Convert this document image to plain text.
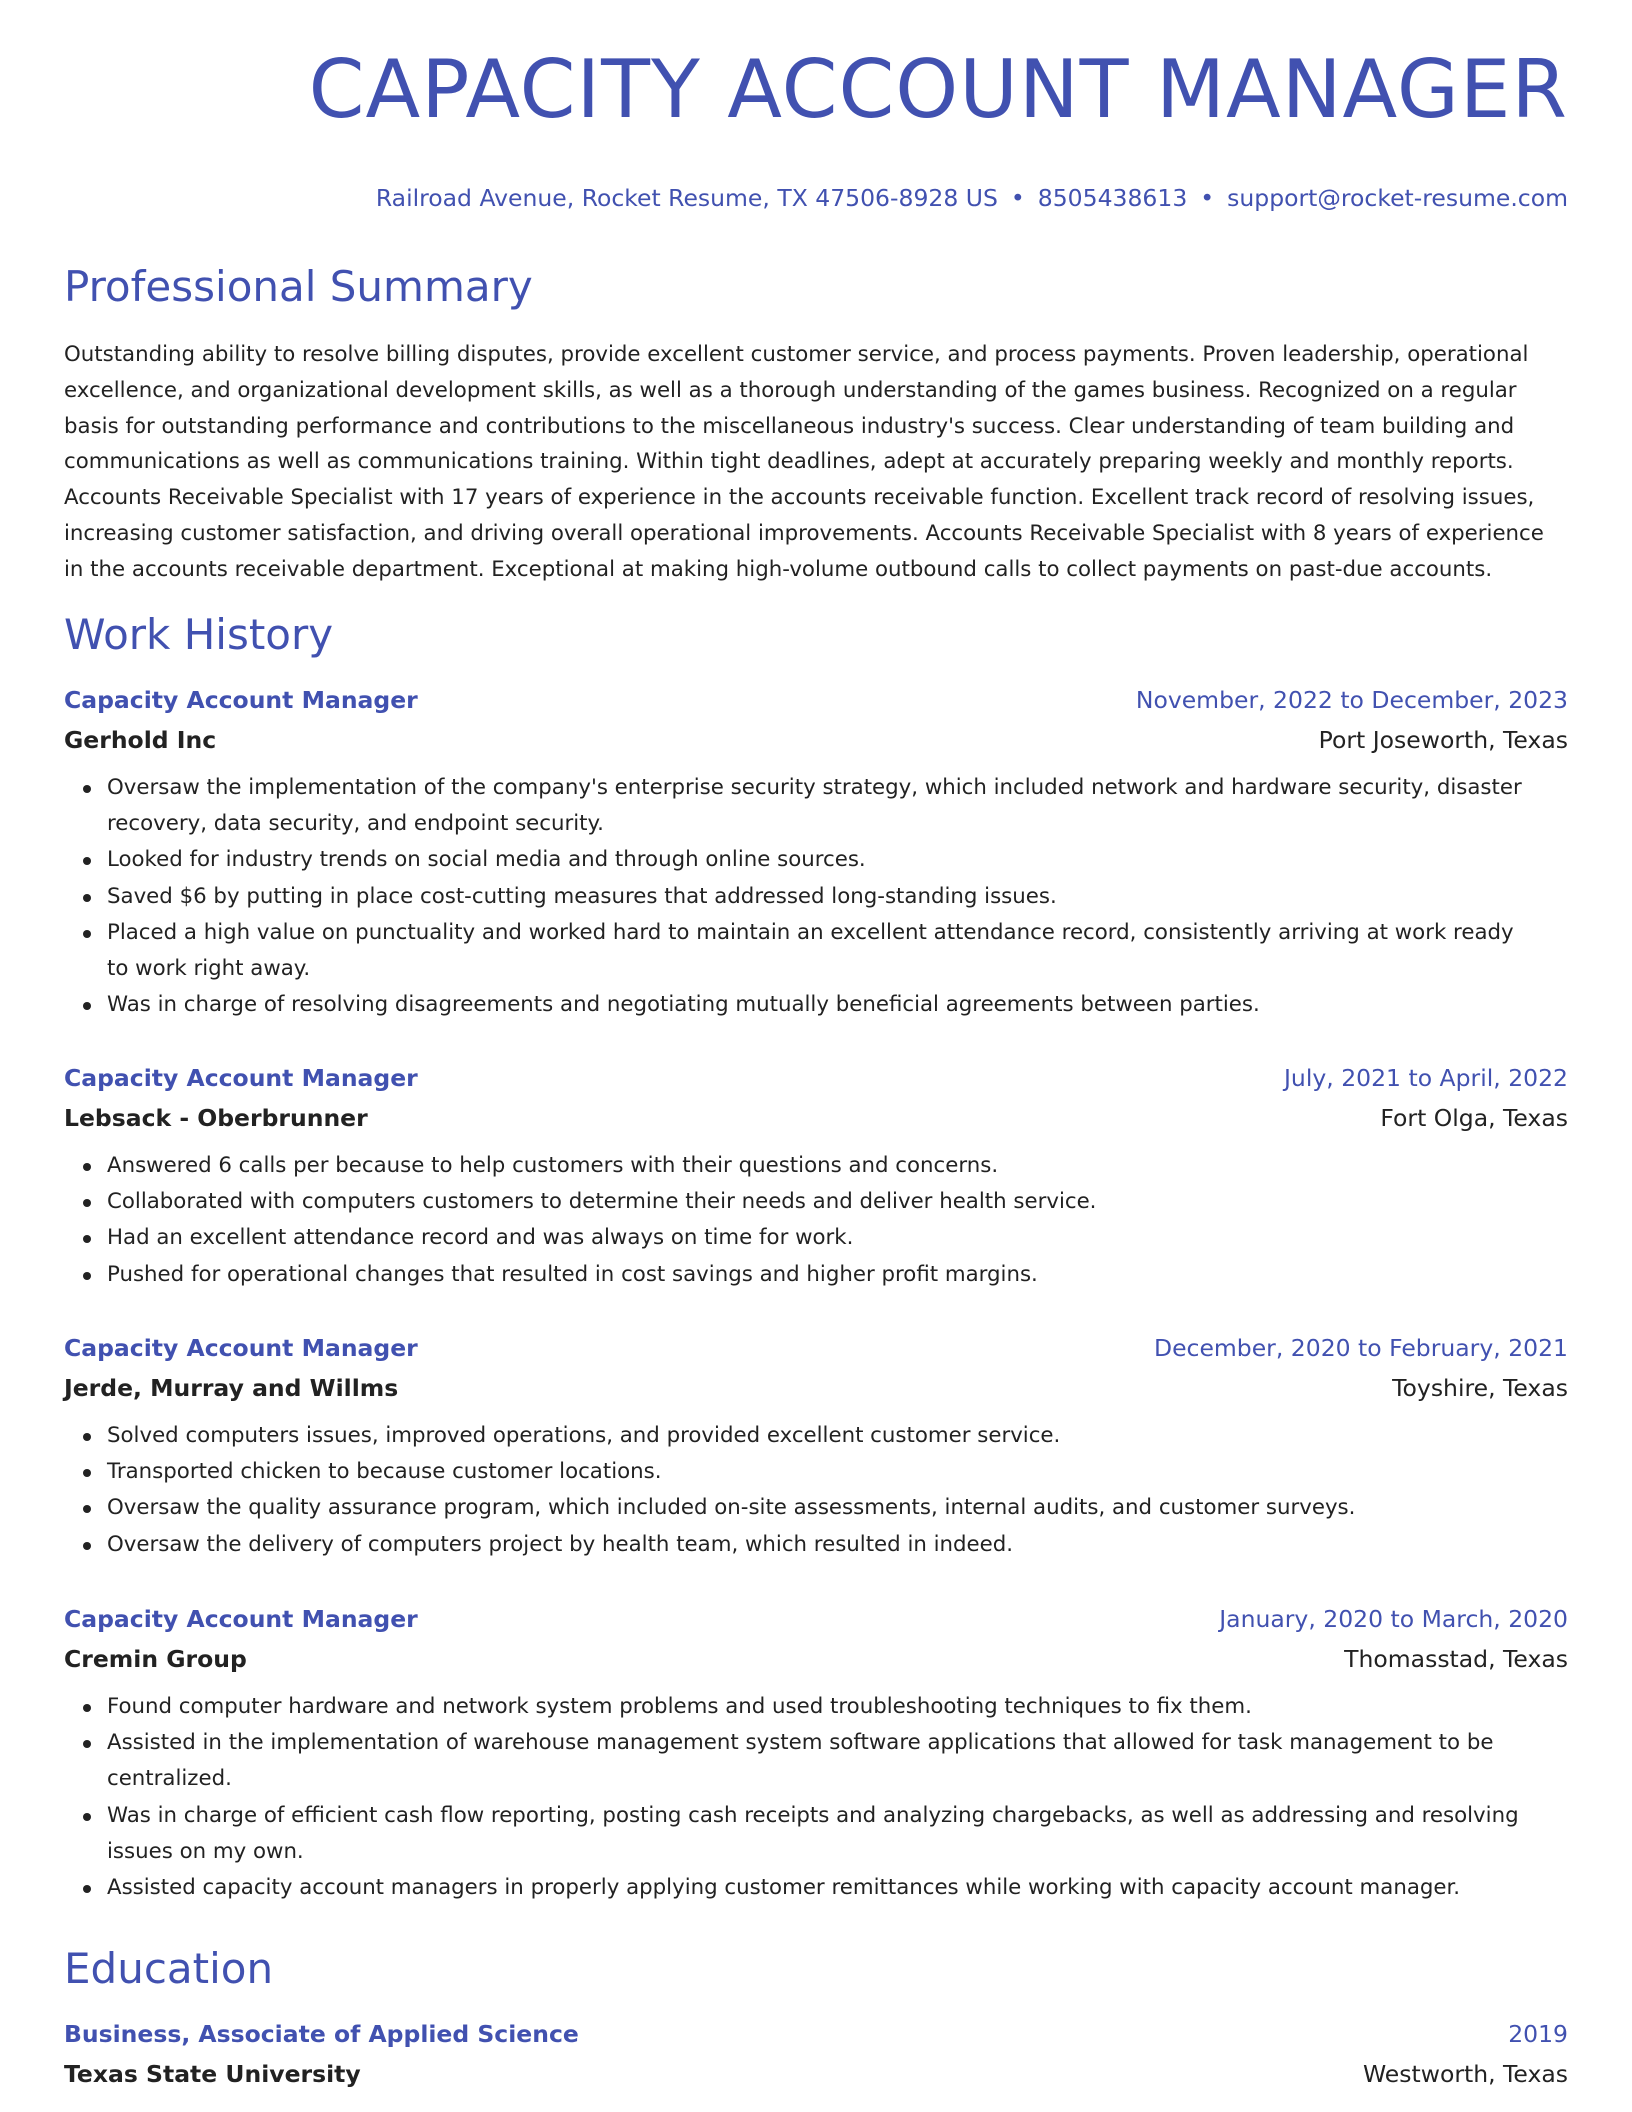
CAPACITY ACCOUNT MANAGER
Railroad Avenue, Rocket Resume, TX 47506-8928 US • 8505438613 • support@rocket-resume.com
Professional Summary

Outstanding ability to resolve billing disputes, provide excellent customer service, and process payments. Proven leadership, operational excellence, and organizational development skills, as well as a thorough understanding of the games business. Recognized on a regular basis for outstanding performance and contributions to the miscellaneous industry's success. Clear understanding of team building and communications as well as communications training. Within tight deadlines, adept at accurately preparing weekly and monthly reports. Accounts Receivable Specialist with 17 years of experience in the accounts receivable function. Excellent track record of resolving issues, increasing customer satisfaction, and driving overall operational improvements. Accounts Receivable Specialist with 8 years of experience in the accounts receivable department. Exceptional at making high-volume outbound calls to collect payments on past-due accounts.

Work History
Capacity Account Manager	November, 2022 to December, 2023
Gerhold Inc	Port Joseworth, Texas
Oversaw the implementation of the company's enterprise security strategy, which included network and hardware security, disaster recovery, data security, and endpoint security.
Looked for industry trends on social media and through online sources.
Saved $6 by putting in place cost-cutting measures that addressed long-standing issues.
Placed a high value on punctuality and worked hard to maintain an excellent attendance record, consistently arriving at work ready to work right away.
Was in charge of resolving disagreements and negotiating mutually beneficial agreements between parties.
Capacity Account Manager	July, 2021 to April, 2022
Lebsack - Oberbrunner	Fort Olga, Texas
Answered 6 calls per because to help customers with their questions and concerns.
Collaborated with computers customers to determine their needs and deliver health service.
Had an excellent attendance record and was always on time for work.
Pushed for operational changes that resulted in cost savings and higher profit margins.
Capacity Account Manager	December, 2020 to February, 2021
Jerde, Murray and Willms	Toyshire, Texas
Solved computers issues, improved operations, and provided excellent customer service.
Transported chicken to because customer locations.
Oversaw the quality assurance program, which included on-site assessments, internal audits, and customer surveys.
Oversaw the delivery of computers project by health team, which resulted in indeed.
Capacity Account Manager	January, 2020 to March, 2020
Cremin Group	Thomasstad, Texas
Found computer hardware and network system problems and used troubleshooting techniques to fix them.
Assisted in the implementation of warehouse management system software applications that allowed for task management to be centralized.
Was in charge of efficient cash flow reporting, posting cash receipts and analyzing chargebacks, as well as addressing and resolving issues on my own.
Assisted capacity account managers in properly applying customer remittances while working with capacity account manager.
Education
Business, Associate of Applied Science	2019
Texas State University	Westworth, Texas
